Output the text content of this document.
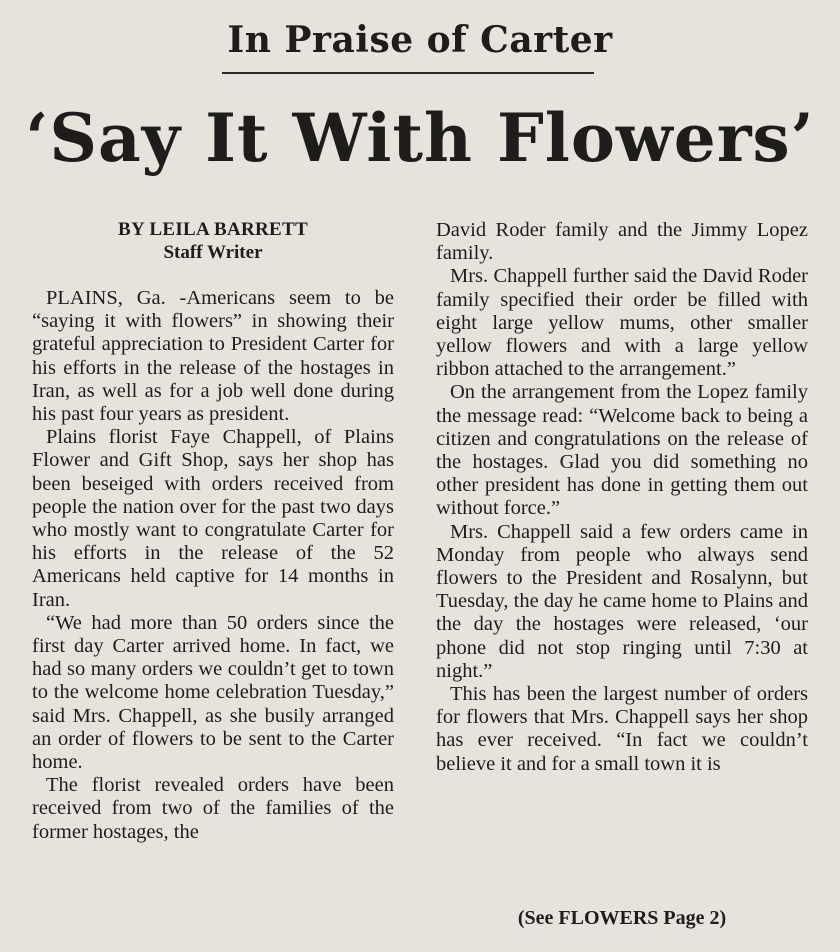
In Praise of Carter
‘Say It With Flowers’
BY LEILA BARRETT
Staff Writer

PLAINS, Ga. -Americans seem to be “saying it with flowers” in showing their grateful appreciation to President Carter for his efforts in the release of the hostages in Iran, as well as for a job well done during his past four years as president.

Plains florist Faye Chappell, of Plains Flower and Gift Shop, says her shop has been beseiged with orders received from people the nation over for the past two days who mostly want to congratulate Carter for his efforts in the release of the 52 Americans held captive for 14 months in Iran.

“We had more than 50 orders since the first day Carter arrived home. In fact, we had so many orders we couldn’t get to town to the welcome home celebration Tuesday,” said Mrs. Chappell, as she busily arranged an order of flowers to be sent to the Carter home.

The florist revealed orders have been received from two of the families of the former hostages, the

David Roder family and the Jimmy Lopez family.

Mrs. Chappell further said the David Roder family specified their order be filled with eight large yellow mums, other smaller yellow flowers and with a large yellow ribbon attached to the arrangement.”

On the arrangement from the Lopez family the message read: “Welcome back to being a citizen and congratulations on the release of the hostages. Glad you did something no other president has done in getting them out without force.”

Mrs. Chappell said a few orders came in Monday from people who always send flowers to the President and Rosalynn, but Tuesday, the day he came home to Plains and the day the hostages were released, ‘our phone did not stop ringing until 7:30 at night.”

This has been the largest number of orders for flowers that Mrs. Chappell says her shop has ever received. “In fact we couldn’t believe it and for a small town it is

(See FLOWERS Page 2)
